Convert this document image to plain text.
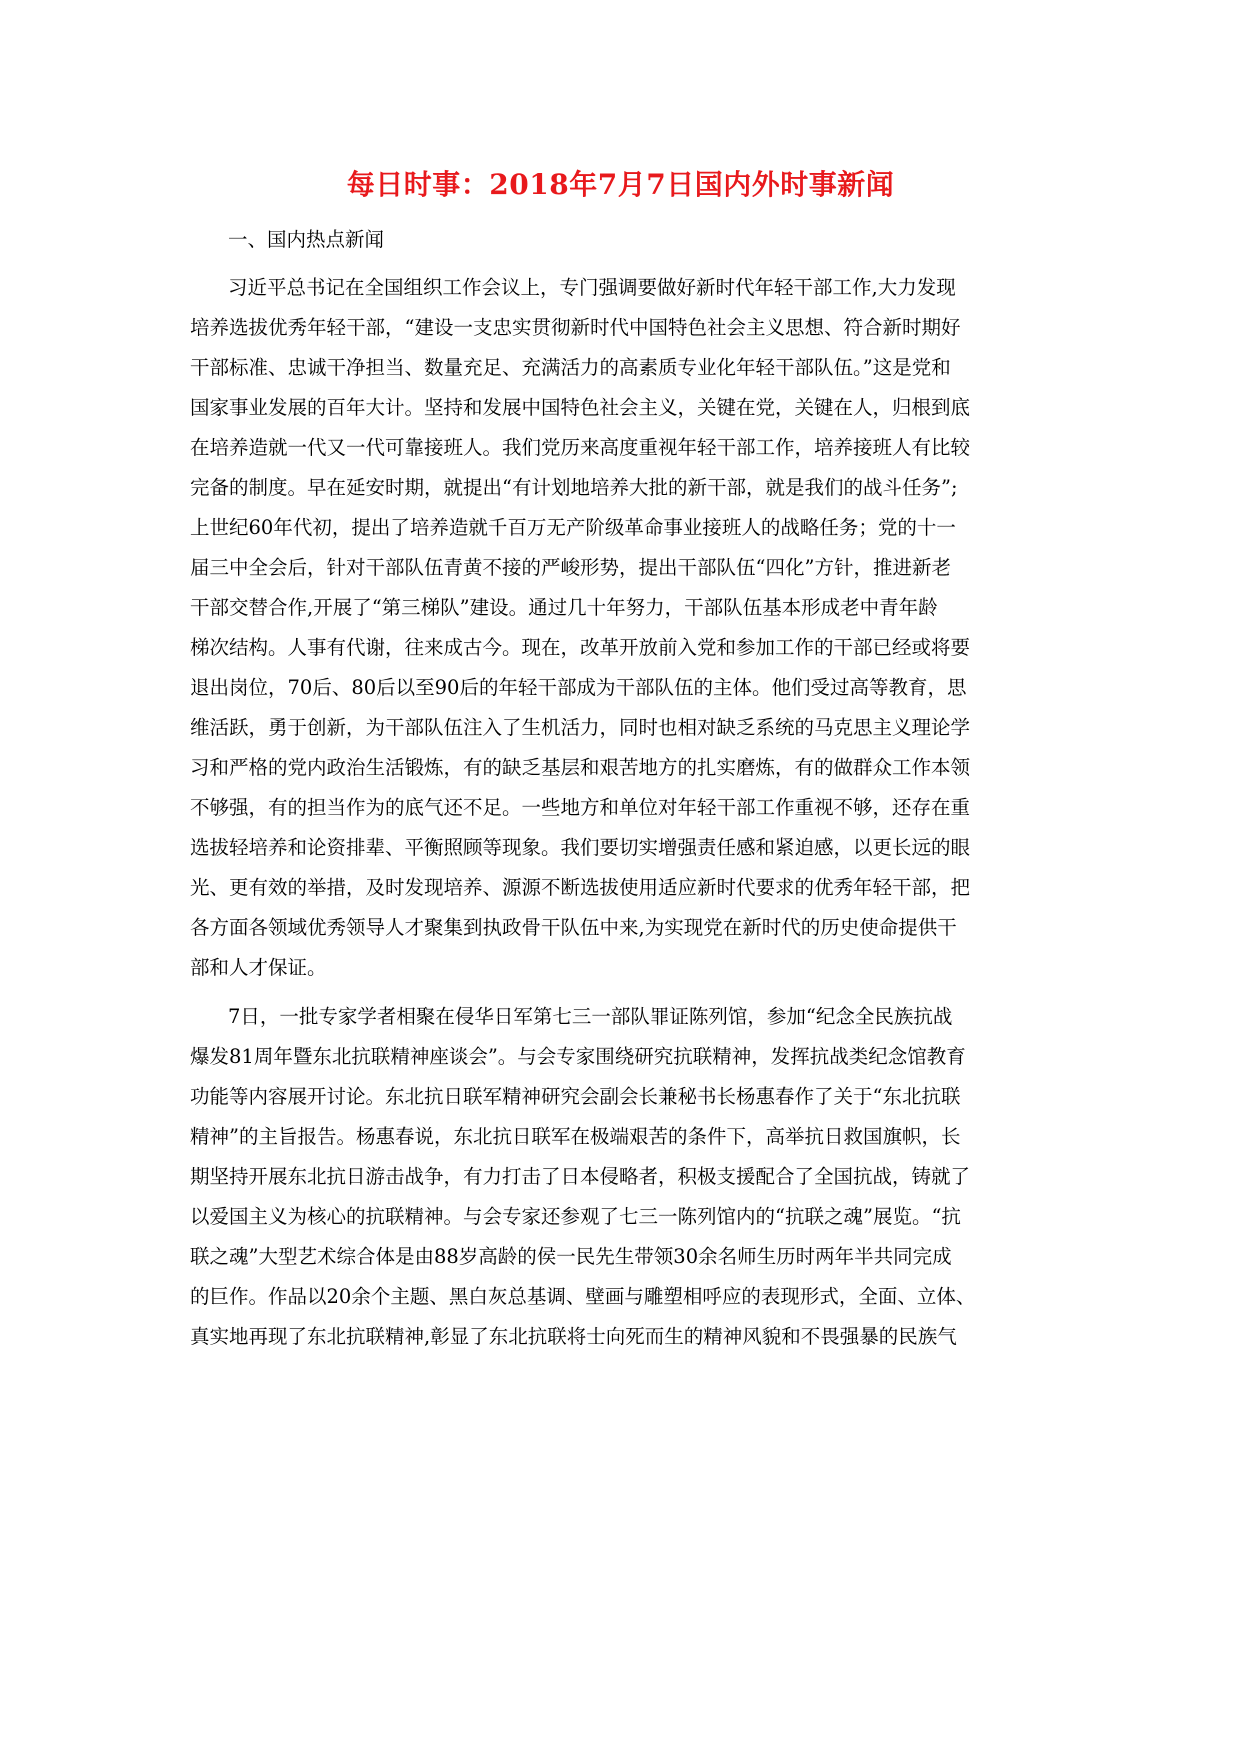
每日时事：2018年7月7日国内外时事新闻

一、国内热点新闻

习近平总书记在全国组织工作会议上，专门强调要做好新时代年轻干部工作,大力发现
培养选拔优秀年轻干部，“建设一支忠实贯彻新时代中国特色社会主义思想、符合新时期好
干部标准、忠诚干净担当、数量充足、充满活力的高素质专业化年轻干部队伍。”这是党和
国家事业发展的百年大计。坚持和发展中国特色社会主义，关键在党，关键在人，归根到底
在培养造就一代又一代可靠接班人。我们党历来高度重视年轻干部工作，培养接班人有比较
完备的制度。早在延安时期，就提出“有计划地培养大批的新干部，就是我们的战斗任务”;
上世纪60年代初，提出了培养造就千百万无产阶级革命事业接班人的战略任务；党的十一
届三中全会后，针对干部队伍青黄不接的严峻形势，提出干部队伍“四化”方针，推进新老
干部交替合作,开展了“第三梯队”建设。通过几十年努力，干部队伍基本形成老中青年龄
梯次结构。人事有代谢，往来成古今。现在，改革开放前入党和参加工作的干部已经或将要
退出岗位，70后、80后以至90后的年轻干部成为干部队伍的主体。他们受过高等教育，思
维活跃，勇于创新，为干部队伍注入了生机活力，同时也相对缺乏系统的马克思主义理论学
习和严格的党内政治生活锻炼，有的缺乏基层和艰苦地方的扎实磨炼，有的做群众工作本领
不够强，有的担当作为的底气还不足。一些地方和单位对年轻干部工作重视不够，还存在重
选拔轻培养和论资排辈、平衡照顾等现象。我们要切实增强责任感和紧迫感，以更长远的眼
光、更有效的举措，及时发现培养、源源不断选拔使用适应新时代要求的优秀年轻干部，把
各方面各领域优秀领导人才聚集到执政骨干队伍中来,为实现党在新时代的历史使命提供干
部和人才保证。
7日，一批专家学者相聚在侵华日军第七三一部队罪证陈列馆，参加“纪念全民族抗战
爆发81周年暨东北抗联精神座谈会”。与会专家围绕研究抗联精神，发挥抗战类纪念馆教育
功能等内容展开讨论。东北抗日联军精神研究会副会长兼秘书长杨惠春作了关于“东北抗联
精神”的主旨报告。杨惠春说，东北抗日联军在极端艰苦的条件下，高举抗日救国旗帜，长
期坚持开展东北抗日游击战争，有力打击了日本侵略者，积极支援配合了全国抗战，铸就了
以爱国主义为核心的抗联精神。与会专家还参观了七三一陈列馆内的“抗联之魂”展览。“抗
联之魂”大型艺术综合体是由88岁高龄的侯一民先生带领30余名师生历时两年半共同完成
的巨作。作品以20余个主题、黑白灰总基调、壁画与雕塑相呼应的表现形式，全面、立体、
真实地再现了东北抗联精神,彰显了东北抗联将士向死而生的精神风貌和不畏强暴的民族气
